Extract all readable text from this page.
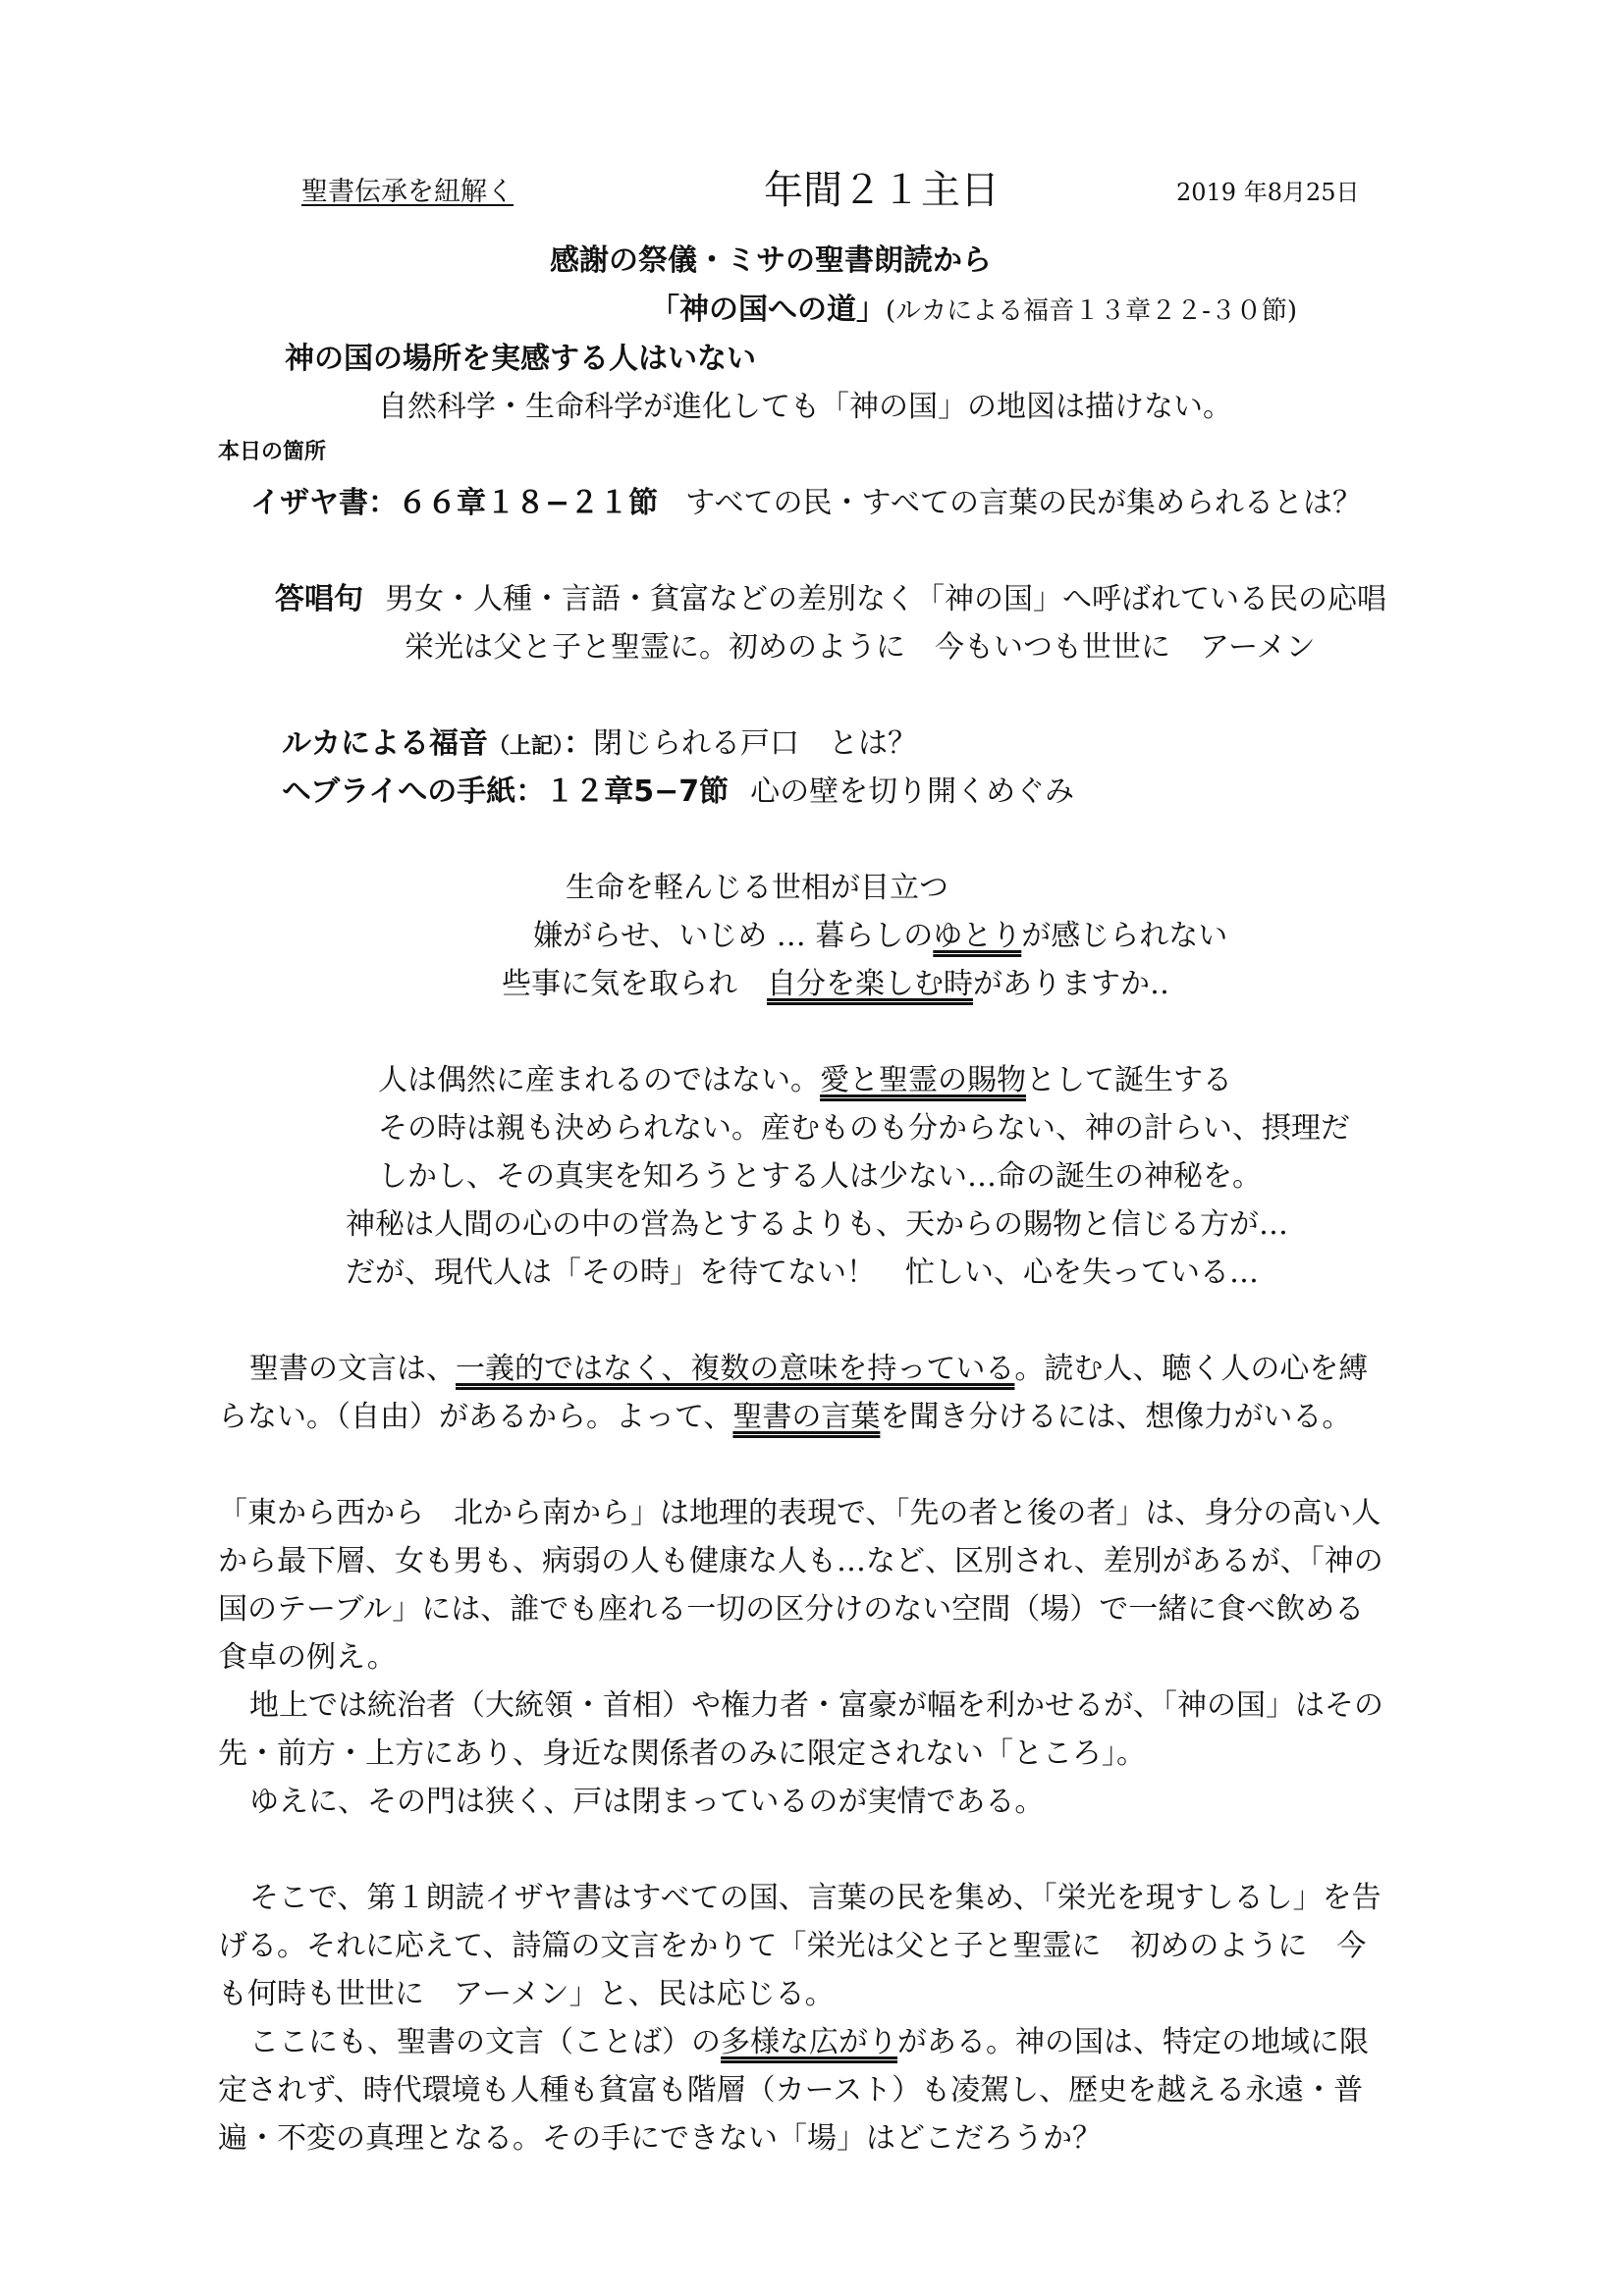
聖書伝承を紐解く	年間２１主日	2019 年8月25日
感謝の祭儀・ミサの聖書朗読から
「神の国への道」(ルカによる福音１３章２２-３０節)
神の国の場所を実感する人はいない
自然科学・生命科学が進化しても「神の国」の地図は描けない。
本日の箇所
イザヤ書：６６章１８−２１節 すべての民・すべての言葉の民が集められるとは？
答唱句 男女・人種・言語・貧富などの差別なく「神の国」へ呼ばれている民の応唱
栄光は父と子と聖霊に。初めのように　今もいつも世世に　アーメン
ルカによる福音（上記）：閉じられる戸口　とは？
ヘブライへの手紙：１２章5−7節 心の壁を切り開くめぐみ
生命を軽んじる世相が目立つ
嫌がらせ、いじめ … 暮らしのゆとりが感じられない
些事に気を取られ　自分を楽しむ時がありますか‥
人は偶然に産まれるのではない。愛と聖霊の賜物として誕生する
その時は親も決められない。産むものも分からない、神の計らい、摂理だ
しかし、その真実を知ろうとする人は少ない…命の誕生の神秘を。
神秘は人間の心の中の営為とするよりも、天からの賜物と信じる方が…
だが、現代人は「その時」を待てない！　忙しい、心を失っている…
聖書の文言は、一義的ではなく、複数の意味を持っている。読む人、聴く人の心を縛
らない。（自由）があるから。よって、聖書の言葉を聞き分けるには、想像力がいる。
「東から西から　北から南から」は地理的表現で、「先の者と後の者」は、身分の高い人
から最下層、女も男も、病弱の人も健康な人も…など、区別され、差別があるが、「神の
国のテーブル」には、誰でも座れる一切の区分けのない空間（場）で一緒に食べ飲める
食卓の例え。
地上では統治者（大統領・首相）や権力者・富豪が幅を利かせるが、「神の国」はその
先・前方・上方にあり、身近な関係者のみに限定されない「ところ」。
ゆえに、その門は狭く、戸は閉まっているのが実情である。
そこで、第１朗読イザヤ書はすべての国、言葉の民を集め、「栄光を現すしるし」を告
げる。それに応えて、詩篇の文言をかりて「栄光は父と子と聖霊に　初めのように　今
も何時も世世に　アーメン」と、民は応じる。
ここにも、聖書の文言（ことば）の多様な広がりがある。神の国は、特定の地域に限
定されず、時代環境も人種も貧富も階層（カースト）も凌駕し、歴史を越える永遠・普
遍・不変の真理となる。その手にできない「場」はどこだろうか？
